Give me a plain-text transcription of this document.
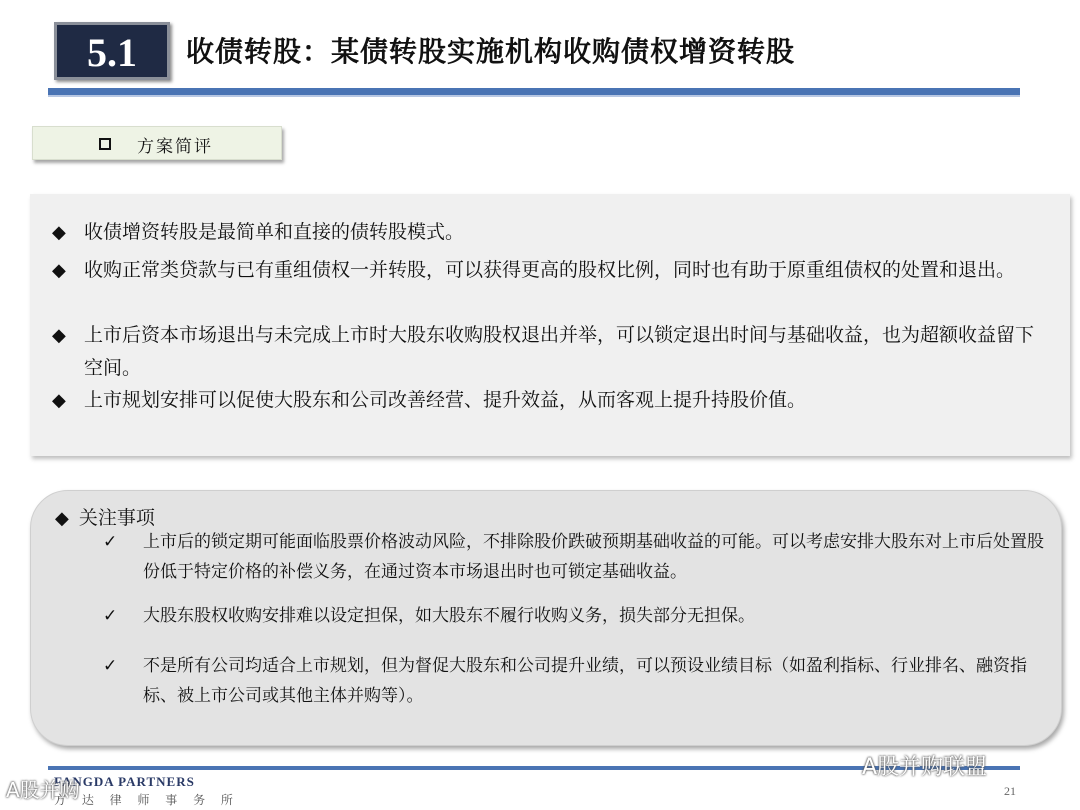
5.1	收债转股：某债转股实施机构收购债权增资转股
方案简评
◆ 收债增资转股是最简单和直接的债转股模式。
◆ 收购正常类贷款与已有重组债权一并转股，可以获得更高的股权比例，同时也有助于原重组债权的处置和退出。
◆ 上市后资本市场退出与未完成上市时大股东收购股权退出并举，可以锁定退出时间与基础收益，也为超额收益留下空间。
◆ 上市规划安排可以促使大股东和公司改善经营、提升效益，从而客观上提升持股价值。
◆ 关注事项
✓ 上市后的锁定期可能面临股票价格波动风险，不排除股价跌破预期基础收益的可能。可以考虑安排大股东对上市后处置股份低于特定价格的补偿义务，在通过资本市场退出时也可锁定基础收益。
✓ 大股东股权收购安排难以设定担保，如大股东不履行收购义务，损失部分无担保。
✓ 不是所有公司均适合上市规划，但为督促大股东和公司提升业绩，可以预设业绩目标（如盈利指标、行业排名、融资指标、被上市公司或其他主体并购等）。
FANGDA PARTNERS
方 达 律 师 事 务 所
21
A股并购联盟
A股并购
